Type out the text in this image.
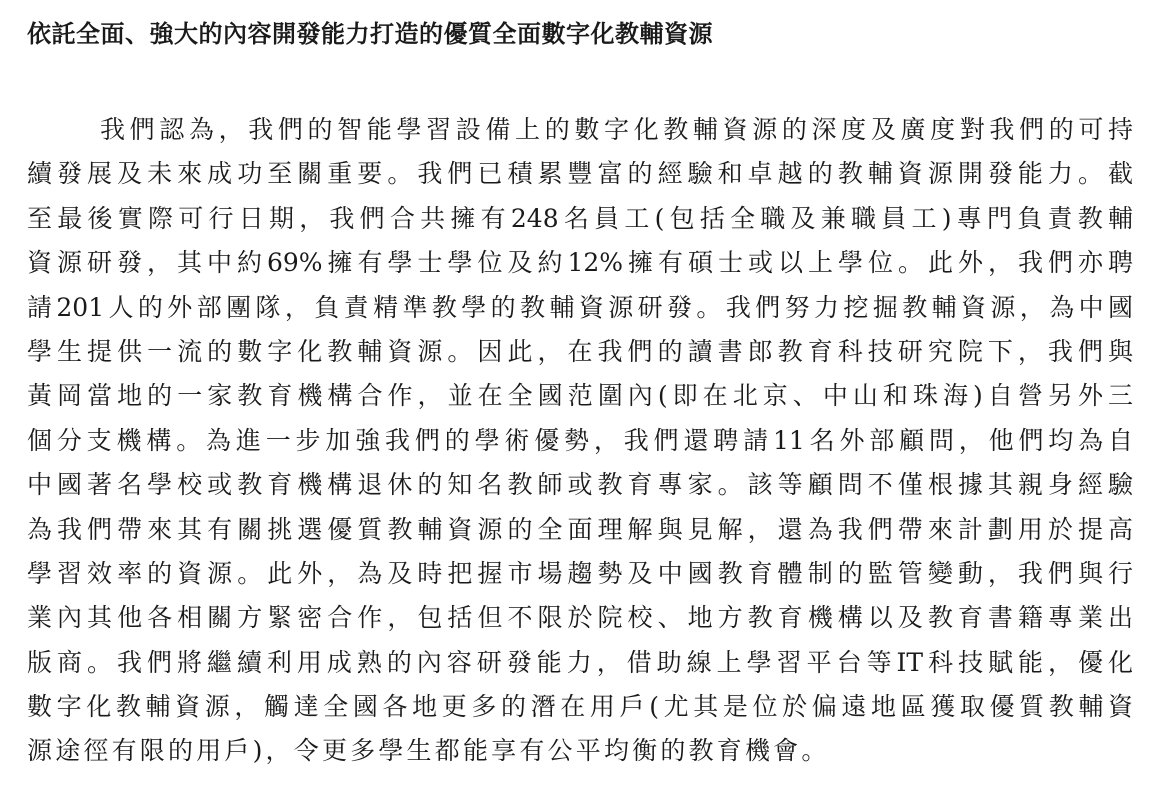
依託全面、強大的內容開發能力打造的優質全面數字化教輔資源
我們認為，我們的智能學習設備上的數字化教輔資源的深度及廣度對我們的可持
續發展及未來成功至關重要。我們已積累豐富的經驗和卓越的教輔資源開發能力。截
至最後實際可行日期，我們合共擁有248名員工(包括全職及兼職員工)專門負責教輔
資源研發，其中約69%擁有學士學位及約12%擁有碩士或以上學位。此外，我們亦聘
請201人的外部團隊，負責精準教學的教輔資源研發。我們努力挖掘教輔資源，為中國
學生提供一流的數字化教輔資源。因此，在我們的讀書郎教育科技研究院下，我們與
黃岡當地的一家教育機構合作，並在全國范圍內(即在北京、中山和珠海)自營另外三
個分支機構。為進一步加強我們的學術優勢，我們還聘請11名外部顧問，他們均為自
中國著名學校或教育機構退休的知名教師或教育專家。該等顧問不僅根據其親身經驗
為我們帶來其有關挑選優質教輔資源的全面理解與見解，還為我們帶來計劃用於提高
學習效率的資源。此外，為及時把握市場趨勢及中國教育體制的監管變動，我們與行
業內其他各相關方緊密合作，包括但不限於院校、地方教育機構以及教育書籍專業出
版商。我們將繼續利用成熟的內容研發能力，借助線上學習平台等IT科技賦能，優化
數字化教輔資源，觸達全國各地更多的潛在用戶(尤其是位於偏遠地區獲取優質教輔資
源途徑有限的用戶)，令更多學生都能享有公平均衡的教育機會。
